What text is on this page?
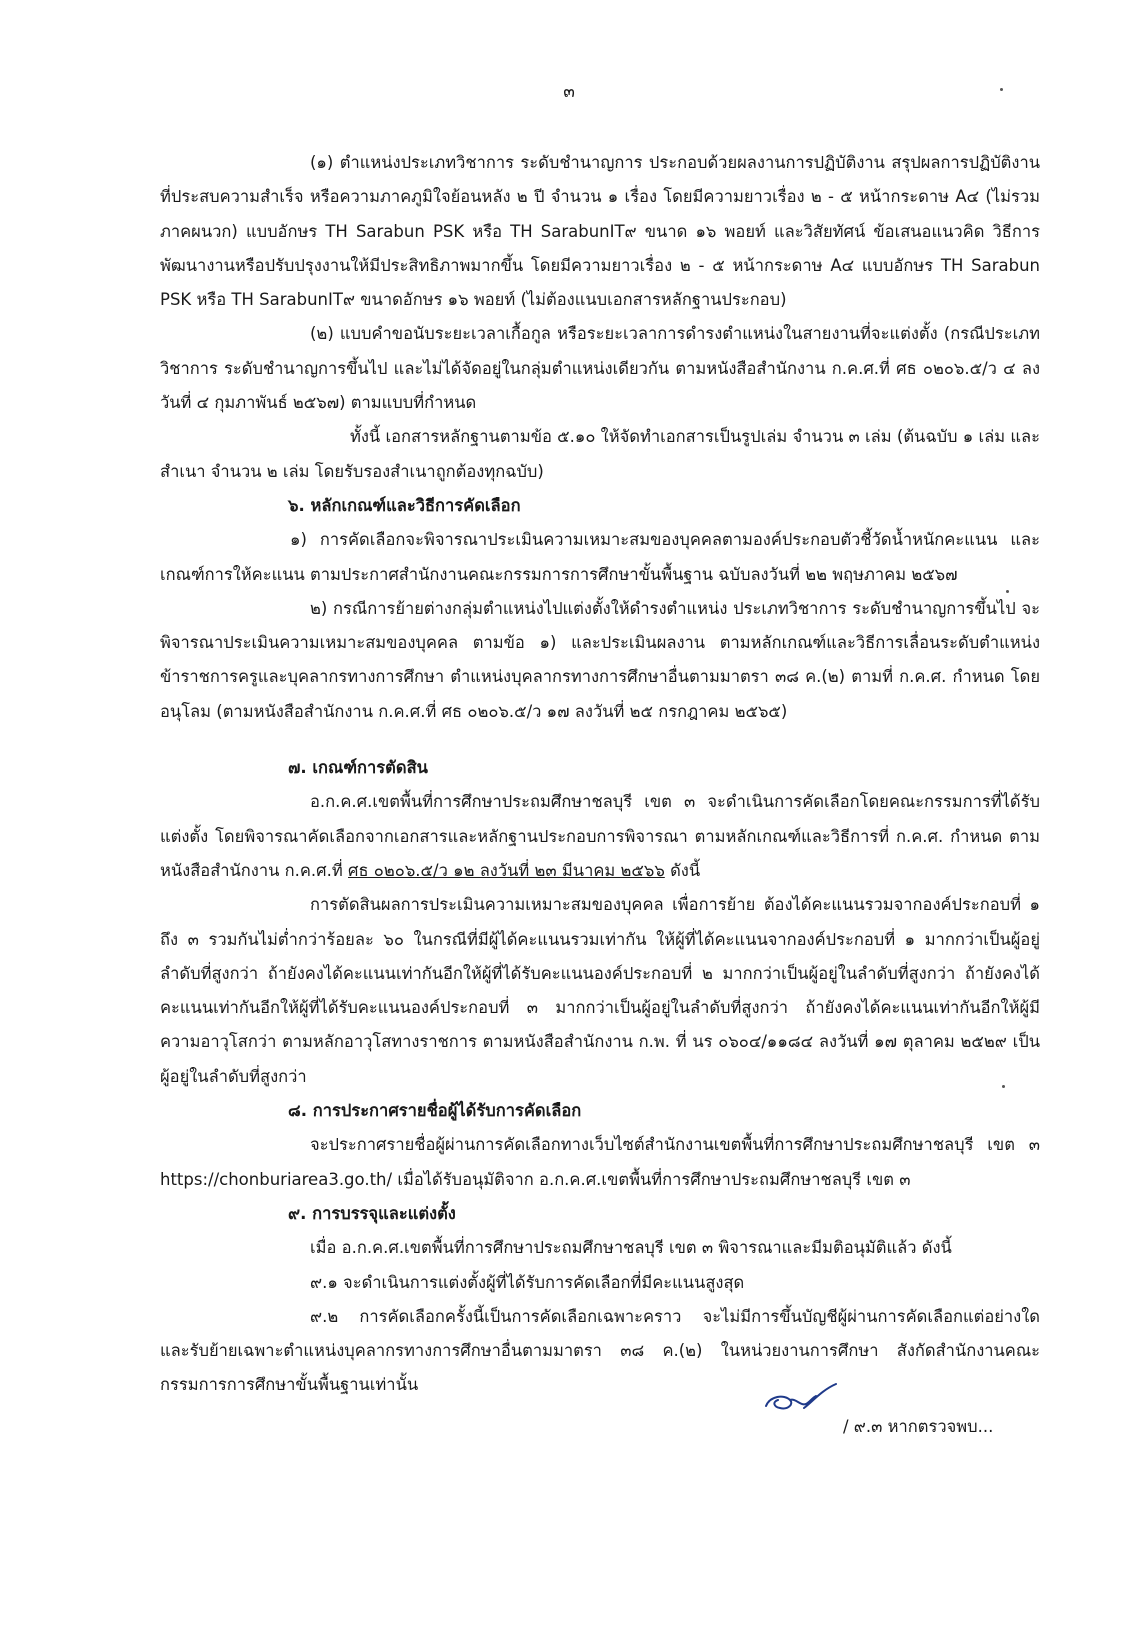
๓

(๑) ตำแหน่งประเภทวิชาการ ระดับชำนาญการ ประกอบด้วยผลงานการปฏิบัติงาน สรุปผลการปฏิบัติงานที่ประสบความสำเร็จ หรือความภาคภูมิใจย้อนหลัง ๒ ปี จำนวน ๑ เรื่อง โดยมีความยาวเรื่อง ๒ - ๕ หน้ากระดาษ A๔ (ไม่รวมภาคผนวก) แบบอักษร TH Sarabun PSK หรือ TH SarabunIT๙ ขนาด ๑๖ พอยท์ และวิสัยทัศน์ ข้อเสนอแนวคิด วิธีการพัฒนางานหรือปรับปรุงงานให้มีประสิทธิภาพมากขึ้น โดยมีความยาวเรื่อง ๒ - ๕ หน้ากระดาษ A๔ แบบอักษร TH Sarabun PSK หรือ TH SarabunIT๙ ขนาดอักษร ๑๖ พอยท์ (ไม่ต้องแนบเอกสารหลักฐานประกอบ)

(๒) แบบคำขอนับระยะเวลาเกื้อกูล หรือระยะเวลาการดำรงตำแหน่งในสายงานที่จะแต่งตั้ง (กรณีประเภทวิชาการ ระดับชำนาญการขึ้นไป และไม่ได้จัดอยู่ในกลุ่มตำแหน่งเดียวกัน ตามหนังสือสำนักงาน ก.ค.ศ.ที่ ศธ ๐๒๐๖.๕/ว ๔ ลงวันที่ ๔ กุมภาพันธ์ ๒๕๖๗) ตามแบบที่กำหนด

ทั้งนี้ เอกสารหลักฐานตามข้อ ๕.๑๐ ให้จัดทำเอกสารเป็นรูปเล่ม จำนวน ๓ เล่ม (ต้นฉบับ ๑ เล่ม และสำเนา จำนวน ๒ เล่ม โดยรับรองสำเนาถูกต้องทุกฉบับ)

๖. หลักเกณฑ์และวิธีการคัดเลือก

๑) การคัดเลือกจะพิจารณาประเมินความเหมาะสมของบุคคลตามองค์ประกอบตัวชี้วัดน้ำหนักคะแนน และเกณฑ์การให้คะแนน ตามประกาศสำนักงานคณะกรรมการการศึกษาขั้นพื้นฐาน ฉบับลงวันที่ ๒๒ พฤษภาคม ๒๕๖๗

๒) กรณีการย้ายต่างกลุ่มตำแหน่งไปแต่งตั้งให้ดำรงตำแหน่ง ประเภทวิชาการ ระดับชำนาญการขึ้นไป จะพิจารณาประเมินความเหมาะสมของบุคคล ตามข้อ ๑) และประเมินผลงาน ตามหลักเกณฑ์และวิธีการเลื่อนระดับตำแหน่งข้าราชการครูและบุคลากรทางการศึกษา ตำแหน่งบุคลากรทางการศึกษาอื่นตามมาตรา ๓๘ ค.(๒) ตามที่ ก.ค.ศ. กำหนด โดยอนุโลม (ตามหนังสือสำนักงาน ก.ค.ศ.ที่ ศธ ๐๒๐๖.๕/ว ๑๗ ลงวันที่ ๒๕ กรกฎาคม ๒๕๖๕)

๗. เกณฑ์การตัดสิน

อ.ก.ค.ศ.เขตพื้นที่การศึกษาประถมศึกษาชลบุรี เขต ๓ จะดำเนินการคัดเลือกโดยคณะกรรมการที่ได้รับแต่งตั้ง โดยพิจารณาคัดเลือกจากเอกสารและหลักฐานประกอบการพิจารณา ตามหลักเกณฑ์และวิธีการที่ ก.ค.ศ. กำหนด ตามหนังสือสำนักงาน ก.ค.ศ.ที่ ศธ ๐๒๐๖.๕/ว ๑๒ ลงวันที่ ๒๓ มีนาคม ๒๕๖๖ ดังนี้

การตัดสินผลการประเมินความเหมาะสมของบุคคล เพื่อการย้าย ต้องได้คะแนนรวมจากองค์ประกอบที่ ๑ ถึง ๓ รวมกันไม่ต่ำกว่าร้อยละ ๖๐ ในกรณีที่มีผู้ได้คะแนนรวมเท่ากัน ให้ผู้ที่ได้คะแนนจากองค์ประกอบที่ ๑ มากกว่าเป็นผู้อยู่ลำดับที่สูงกว่า ถ้ายังคงได้คะแนนเท่ากันอีกให้ผู้ที่ได้รับคะแนนองค์ประกอบที่ ๒ มากกว่าเป็นผู้อยู่ในลำดับที่สูงกว่า ถ้ายังคงได้คะแนนเท่ากันอีกให้ผู้ที่ได้รับคะแนนองค์ประกอบที่ ๓ มากกว่าเป็นผู้อยู่ในลำดับที่สูงกว่า ถ้ายังคงได้คะแนนเท่ากันอีกให้ผู้มีความอาวุโสกว่า ตามหลักอาวุโสทางราชการ ตามหนังสือสำนักงาน ก.พ. ที่ นร ๐๖๐๔/๑๑๘๔ ลงวันที่ ๑๗ ตุลาคม ๒๕๒๙ เป็นผู้อยู่ในลำดับที่สูงกว่า

๘. การประกาศรายชื่อผู้ได้รับการคัดเลือก

จะประกาศรายชื่อผู้ผ่านการคัดเลือกทางเว็บไซต์สำนักงานเขตพื้นที่การศึกษาประถมศึกษาชลบุรี เขต ๓ https://chonburiarea3.go.th/ เมื่อได้รับอนุมัติจาก อ.ก.ค.ศ.เขตพื้นที่การศึกษาประถมศึกษาชลบุรี เขต ๓

๙. การบรรจุและแต่งตั้ง

เมื่อ อ.ก.ค.ศ.เขตพื้นที่การศึกษาประถมศึกษาชลบุรี เขต ๓ พิจารณาและมีมติอนุมัติแล้ว ดังนี้

๙.๑ จะดำเนินการแต่งตั้งผู้ที่ได้รับการคัดเลือกที่มีคะแนนสูงสุด

๙.๒ การคัดเลือกครั้งนี้เป็นการคัดเลือกเฉพาะคราว จะไม่มีการขึ้นบัญชีผู้ผ่านการคัดเลือกแต่อย่างใด และรับย้ายเฉพาะตำแหน่งบุคลากรทางการศึกษาอื่นตามมาตรา ๓๘ ค.(๒) ในหน่วยงานการศึกษา สังกัดสำนักงานคณะกรรมการการศึกษาขั้นพื้นฐานเท่านั้น

/ ๙.๓ หากตรวจพบ...
